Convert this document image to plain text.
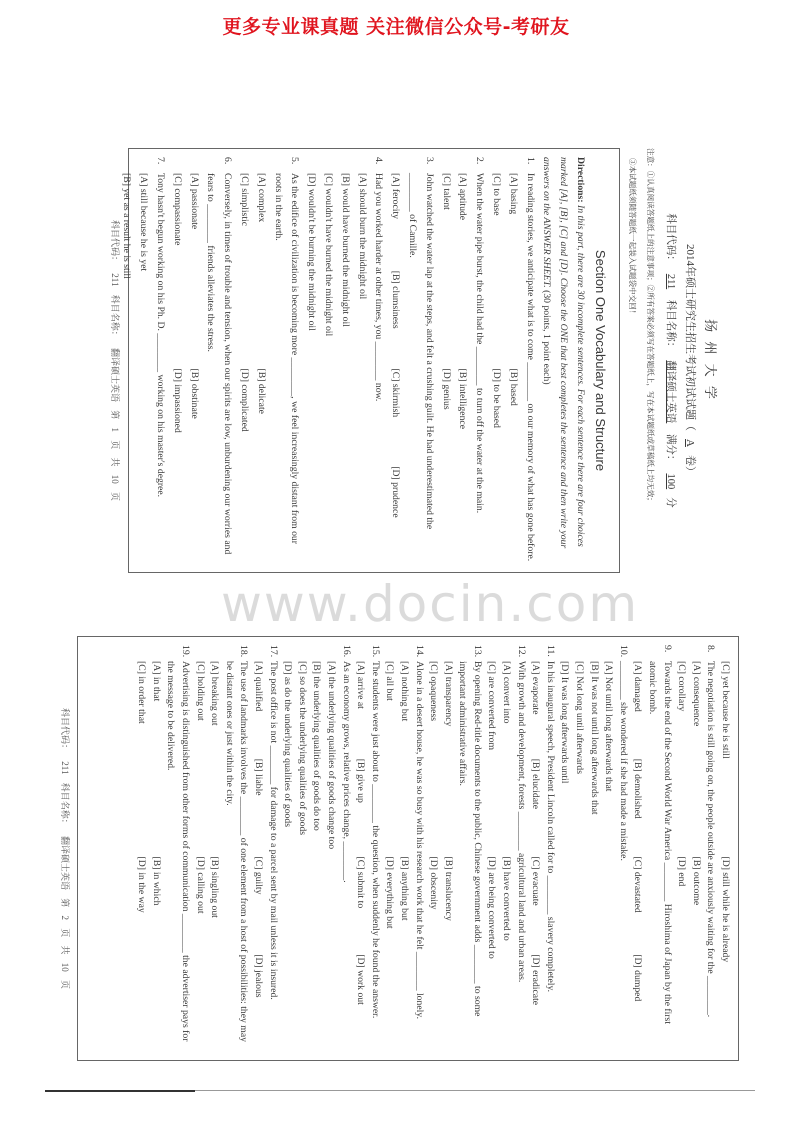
更多专业课真题 关注微信公众号-考研友
www.docin.com
扬 州 大 学
2014年硕士研究生招生考试初试试题（A卷）
科目代码：211 科目名称：翻译硕士英语 满分：100分
注意：①认真阅读答题纸上的注意事项；②所有答案必须写在答题纸上，写在本试题纸或草稿纸上均无效；
③本试题纸须随答题纸一起装入试题袋中交回！
Section One Vocabulary and Structure
Directions: In this part, there are 30 incomplete sentences. For each sentence there are four choices marked [A], [B], [C] and [D]. Choose the ONE that best completes the sentence and then write your answers on the ANSWER SHEET. (30 points, 1 point each)
1.In reading stories, we anticipate what is to come ________ on our memory of what has gone before.
[A] basing
[B] based
[C] to base
[D] to be based
2.When the water pipe burst, the child had the ________ to turn off the water at the main.
[A] aptitude
[B] intelligence
[C] talent
[D] genius
3.John watched the water lap at the steps, and felt a crushing guilt. He had underestimated the ________ of Camille.
[A] ferocity
[B] clumsiness
[C] skirmish
[D] prudence
4.Had you worked harder at other times, you ________ now.
[A] should burn the midnight oil
[B] would have burned the midnight oil
[C] wouldn't have burned the midnight oil
[D] wouldn't be burning the midnight oil
5.As the edifice of civilization is becoming more ________, we feel increasingly distant from our roots in the earth.
[A] complex
[B] delicate
[C] simplistic
[D] complicated
6.Conversely, in times of trouble and tension, when our spirits are low, unburdening our worries and fears to ________ friends alleviates the stress.
[A] passionate
[B] obstinate
[C] compassionate
[D] impassioned
7.Tony hasn't begun working on his Ph. D. ________ working on his master's degree.
[A] still because he is yet
[B] yet as a result he is still
科目代码： 211 科目名称： 翻译硕士英语 第 1 页 共 10 页
[C] yet because he is still
[D] still while he is already
8.The negotiation is still going on, the people outside are anxiously waiting for the ________.
[A] consequence
[B] outcome
[C] corollary
[D] end
9.Towards the end of the Second World War America ________ Hiroshima of Japan by the first atomic bomb.
[A] damaged
[B] demolished
[C] devastated
[D] dumped
10.________ she wondered if she had made a mistake.
[A] Not until long afterwards that
[B] It was not until long afterwards that
[C] Not long until afterwards
[D] It was long afterwards until
11.In his inaugural speech, President Lincoln called for to ________ slavery completely.
[A] evaporate
[B] elucidate
[C] evacuate
[D] eradicate
12.With growth and development, forests ________ agricultural land and urban areas.
[A] convert into
[B] have converted to
[C] are converted from
[D] are being converted to
13.By opening Red-title documents to the public, Chinese government adds ________ to some important administrative affairs.
[A] transparency
[B] translucency
[C] opaqueness
[D] obscenity
14.Alone in a desert house, he was so busy with his research work that he felt ________ lonely.
[A] nothing but
[B] anything but
[C] all but
[D] everything but
15.The students were just about to ________ the question, when suddenly he found the answer.
[A] arrive at
[B] give up
[C] submit to
[D] work out
16.As an economy grows, relative prices change, ________.
[A] the underlying qualities of goods change too
[B] the underlying qualities of goods do too
[C] so does the underlying qualities of goods
[D] as do the underlying qualities of goods
17.The post office is not ________ for damage to a parcel sent by mail unless it is insured.
[A] qualified
[B] liable
[C] guilty
[D] jealous
18.The use of landmarks involves the ________ of one element from a host of possibilities: they may be distant ones or just within the city.
[A] breaking out
[B] singling out
[C] holding out
[D] calling out
19.Advertising is distinguished from other forms of communication ________ the advertiser pays for the message to be delivered.
[A] in that
[B] in which
[C] in order that
[D] in the way
科目代码： 211 科目名称： 翻译硕士英语 第 2 页 共 10 页
